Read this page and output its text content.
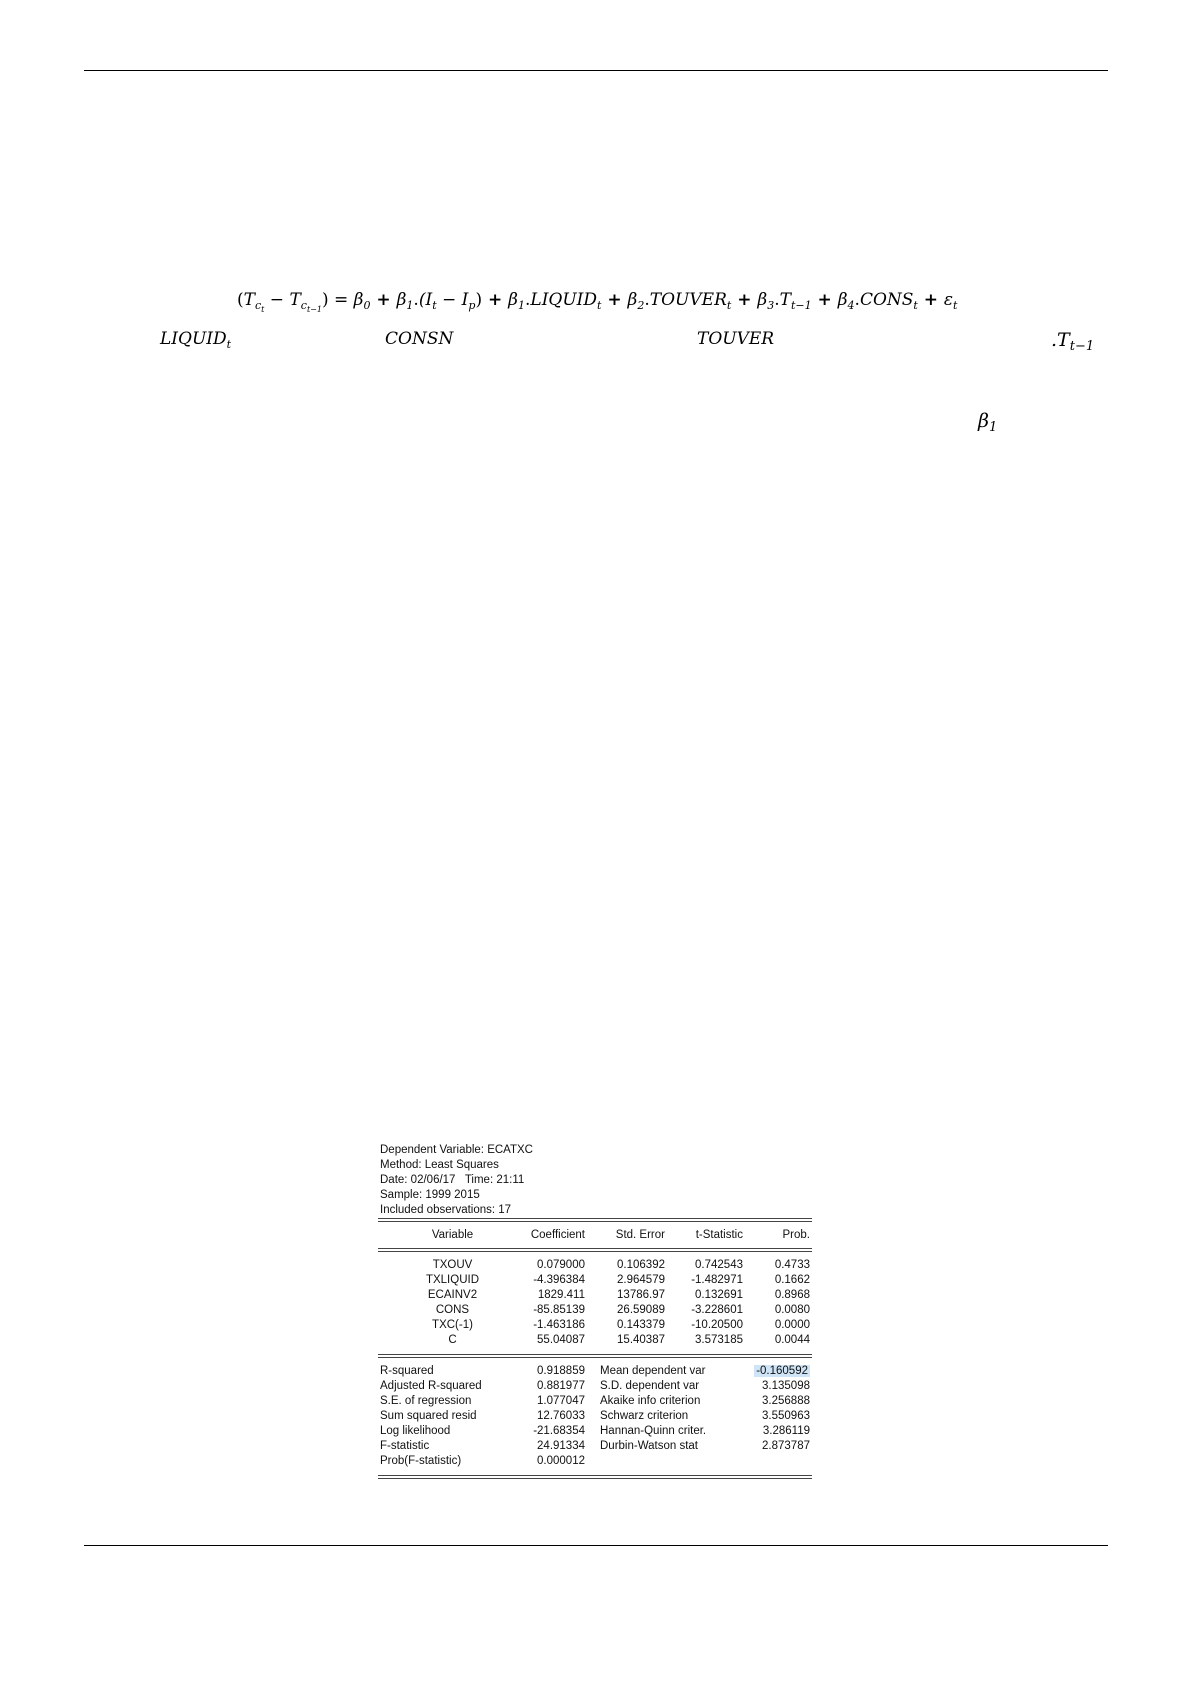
$(T_{c_t} - T_{c_{t-1}}) = \beta_0 + \beta_1.(I_t - I_p)$ + $\beta_1.LIQUID_t$ + $\beta_2.TOUVER_t + \beta_3.T_{t-1}$ + $\beta_4.CONS_t + \varepsilon_t$
$LIQUID_t$	CONSN	TOUVER	$.T_{t-1}$
$\beta_1$
Dependent Variable: ECATXC
Method: Least Squares
Date: 02/06/17   Time: 21:11
Sample: 1999 2015
Included observations: 17
Variable	Coefficient	Std. Error	t-Statistic	Prob.
TXOUV	0.079000	0.106392	0.742543	0.4733
TXLIQUID	-4.396384	2.964579	-1.482971	0.1662
ECAINV2	1829.411	13786.97	0.132691	0.8968
CONS	-85.85139	26.59089	-3.228601	0.0080
TXC(-1)	-1.463186	0.143379	-10.20500	0.0000
C	55.04087	15.40387	3.573185	0.0044
R-squared	0.918859	Mean dependent var	-0.160592
Adjusted R-squared	0.881977	S.D. dependent var	3.135098
S.E. of regression	1.077047	Akaike info criterion	3.256888
Sum squared resid	12.76033	Schwarz criterion	3.550963
Log likelihood	-21.68354	Hannan-Quinn criter.	3.286119
F-statistic	24.91334	Durbin-Watson stat	2.873787
Prob(F-statistic)	0.000012		
